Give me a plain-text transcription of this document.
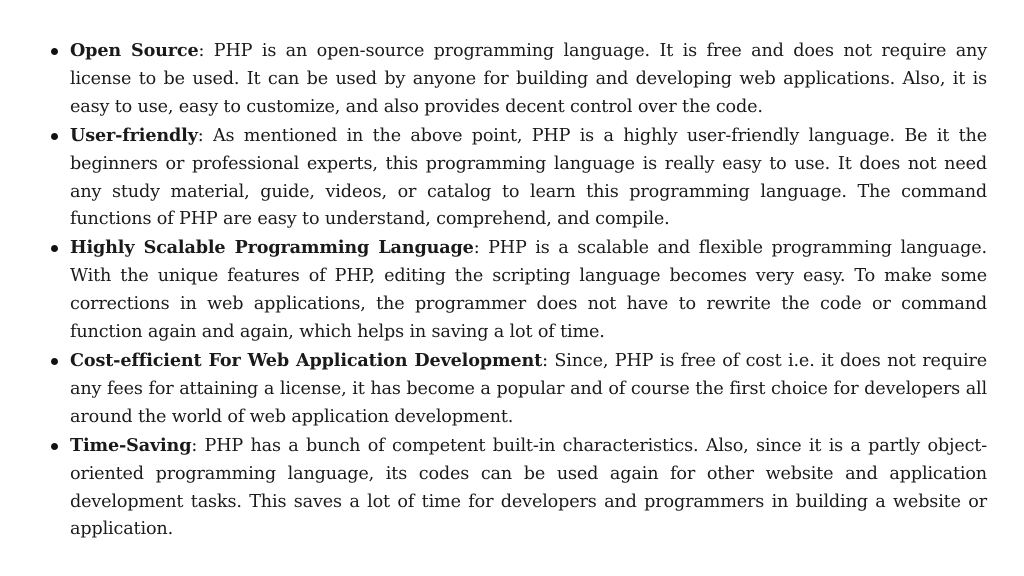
Open Source: PHP is an open-source programming language. It is free and does not require any license to be used. It can be used by anyone for building and developing web applications. Also, it is easy to use, easy to customize, and also provides decent control over the code.
User-friendly: As mentioned in the above point, PHP is a highly user-friendly language. Be it the beginners or professional experts, this programming language is really easy to use. It does not need any study material, guide, videos, or catalog to learn this programming language. The command functions of PHP are easy to understand, comprehend, and compile.
Highly Scalable Programming Language: PHP is a scalable and flexible programming language. With the unique features of PHP, editing the scripting language becomes very easy. To make some corrections in web applications, the programmer does not have to rewrite the code or command function again and again, which helps in saving a lot of time.
Cost-efficient For Web Application Development: Since, PHP is free of cost i.e. it does not require any fees for attaining a license, it has become a popular and of course the first choice for developers all around the world of web application development.
Time-Saving: PHP has a bunch of competent built-in characteristics. Also, since it is a partly object-oriented programming language, its codes can be used again for other website and application development tasks. This saves a lot of time for developers and programmers in building a website or application.
